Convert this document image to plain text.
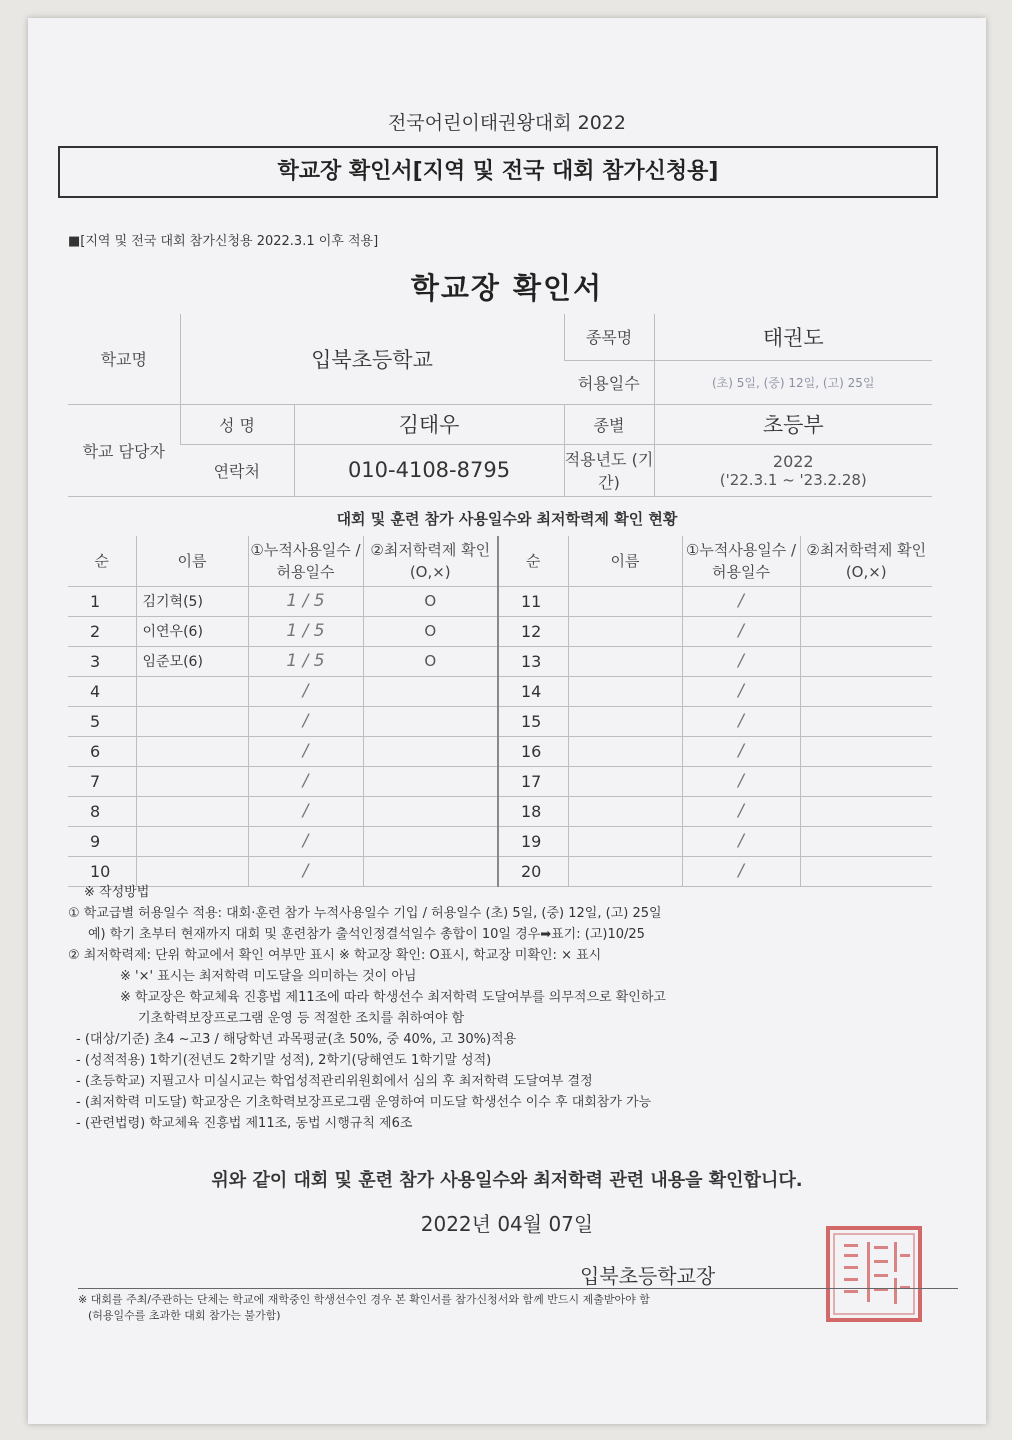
전국어린이태권왕대회 2022
학교장 확인서[지역 및 전국 대회 참가신청용]
■[지역 및 전국 대회 참가신청용 2022.3.1 이후 적용]
학교장 확인서
학교명	입북초등학교		종목명	태권도
			허용일수	(초) 5일, (중) 12일, (고) 25일
학교 담당자	성 명	김태우	종별	초등부
	연락처	010-4108-8795	적용년도 (기간)	2022
('22.3.1 ~ '23.2.28)
대회 및 훈련 참가 사용일수와 최저학력제 확인 현황
순	이름	①누적사용일수 /허용일수	②최저학력제 확인(O,×)	순	이름	①누적사용일수 /허용일수	②최저학력제 확인(O,×)
1	김기혁(5)	1 / 5	O	11		/	
2	이연우(6)	1 / 5	O	12		/	
3	임준모(6)	1 / 5	O	13		/	
4		/		14		/	
5		/		15		/	
6		/		16		/	
7		/		17		/	
8		/		18		/	
9		/		19		/	
10		/		20		/	
※ 작성방법
① 학교급별 허용일수 적용: 대회·훈련 참가 누적사용일수 기입 / 허용일수 (초) 5일, (중) 12일, (고) 25일
예) 학기 초부터 현재까지 대회 및 훈련참가 출석인정결석일수 총합이 10일 경우➡표기: (고)10/25
② 최저학력제: 단위 학교에서 확인 여부만 표시 ※ 학교장 확인: O표시, 학교장 미확인: × 표시
※ '×' 표시는 최저학력 미도달을 의미하는 것이 아님
※ 학교장은 학교체육 진흥법 제11조에 따라 학생선수 최저학력 도달여부를 의무적으로 확인하고
기초학력보장프로그램 운영 등 적절한 조치를 취하여야 함
- (대상/기준) 초4 ~고3 / 해당학년 과목평균(초 50%, 중 40%, 고 30%)적용
- (성적적용) 1학기(전년도 2학기말 성적), 2학기(당해연도 1학기말 성적)
- (초등학교) 지필고사 미실시교는 학업성적관리위원회에서 심의 후 최저학력 도달여부 결정
- (최저학력 미도달) 학교장은 기초학력보장프로그램 운영하여 미도달 학생선수 이수 후 대회참가 가능
- (관련법령) 학교체육 진흥법 제11조, 동법 시행규칙 제6조
위와 같이 대회 및 훈련 참가 사용일수와 최저학력 관련 내용을 확인합니다.
2022년 04월 07일
입북초등학교장
※ 대회를 주최/주관하는 단체는 학교에 재학중인 학생선수인 경우 본 확인서를 참가신청서와 함께 반드시 제출받아야 함
(허용일수를 초과한 대회 참가는 불가함)
